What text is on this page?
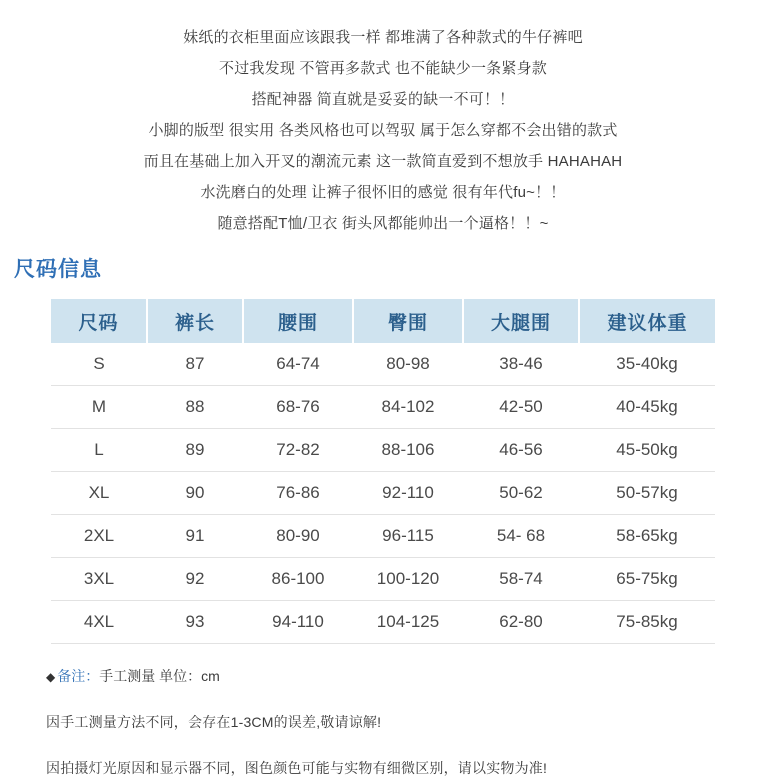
妹纸的衣柜里面应该跟我一样 都堆满了各种款式的牛仔裤吧
不过我发现 不管再多款式 也不能缺少一条紧身款
搭配神器 简直就是妥妥的缺一不可！！
小脚的版型 很实用 各类风格也可以驾驭 属于怎么穿都不会出错的款式
而且在基础上加入开叉的潮流元素 这一款简直爱到不想放手 HAHAHAH
水洗磨白的处理 让裤子很怀旧的感觉 很有年代fu~！！
随意搭配T恤/卫衣 街头风都能帅出一个逼格！！~
尺码信息
尺码	裤长	腰围	臀围	大腿围	建议体重
S	87	64-74	80-98	38-46	35-40kg
M	88	68-76	84-102	42-50	40-45kg
L	89	72-82	88-106	46-56	45-50kg
XL	90	76-86	92-110	50-62	50-57kg
2XL	91	80-90	96-115	54- 68	58-65kg
3XL	92	86-100	100-120	58-74	65-75kg
4XL	93	94-110	104-125	62-80	75-85kg
◆ 备注：手工测量 单位：cm
因手工测量方法不同，会存在1-3CM的误差,敬请谅解!
因拍摄灯光原因和显示器不同，图色颜色可能与实物有细微区别，请以实物为准!
